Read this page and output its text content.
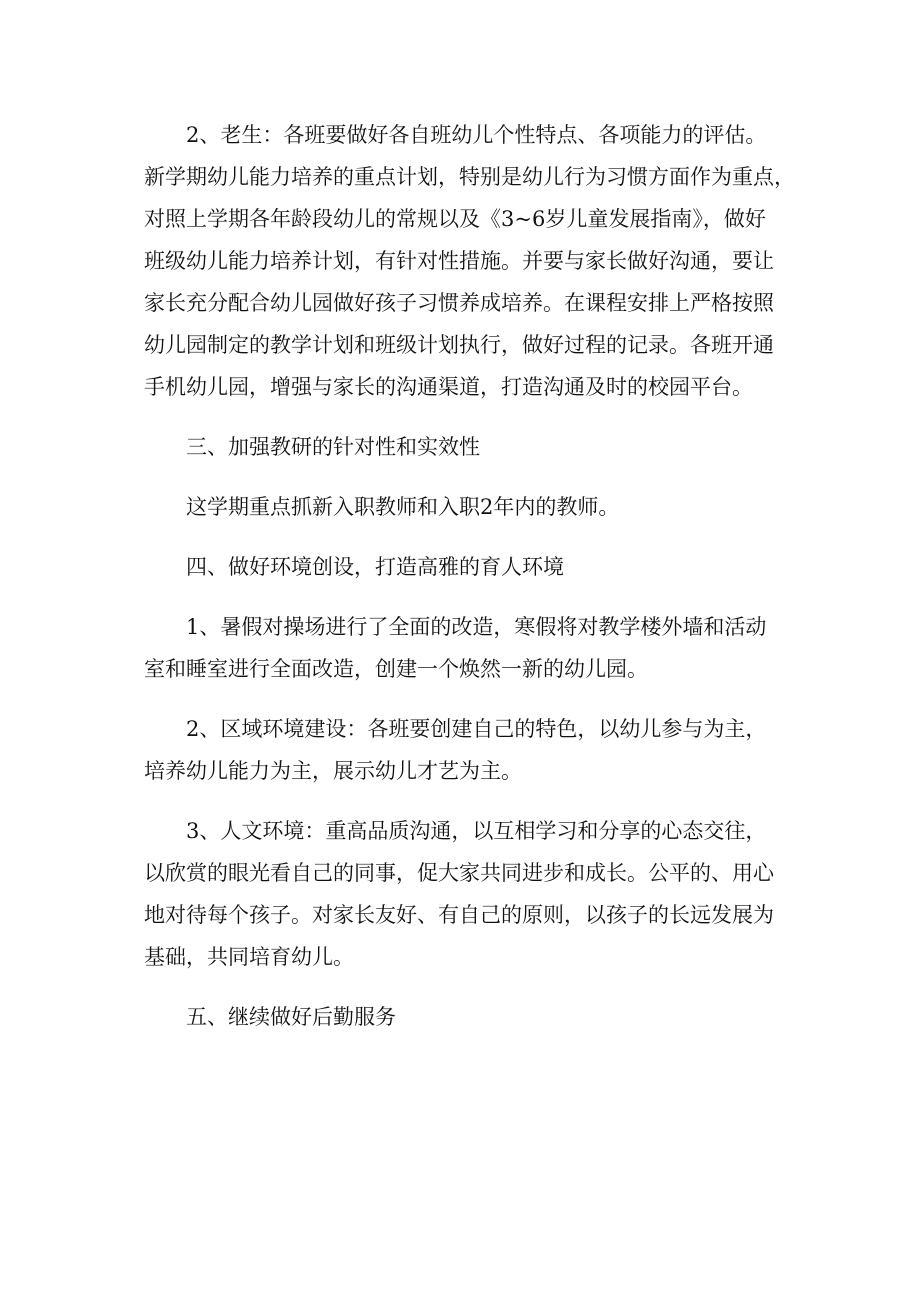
2、老生：各班要做好各自班幼儿个性特点、各项能力的评估。
新学期幼儿能力培养的重点计划，特别是幼儿行为习惯方面作为重点，
对照上学期各年龄段幼儿的常规以及《3~6岁儿童发展指南》，做好
班级幼儿能力培养计划，有针对性措施。并要与家长做好沟通，要让
家长充分配合幼儿园做好孩子习惯养成培养。在课程安排上严格按照
幼儿园制定的教学计划和班级计划执行，做好过程的记录。各班开通
手机幼儿园，增强与家长的沟通渠道，打造沟通及时的校园平台。

三、加强教研的针对性和实效性

这学期重点抓新入职教师和入职2年内的教师。

四、做好环境创设，打造高雅的育人环境

1、暑假对操场进行了全面的改造，寒假将对教学楼外墙和活动
室和睡室进行全面改造，创建一个焕然一新的幼儿园。

2、区域环境建设：各班要创建自己的特色，以幼儿参与为主，
培养幼儿能力为主，展示幼儿才艺为主。

3、人文环境：重高品质沟通，以互相学习和分享的心态交往，
以欣赏的眼光看自己的同事，促大家共同进步和成长。公平的、用心
地对待每个孩子。对家长友好、有自己的原则，以孩子的长远发展为
基础，共同培育幼儿。

五、继续做好后勤服务
